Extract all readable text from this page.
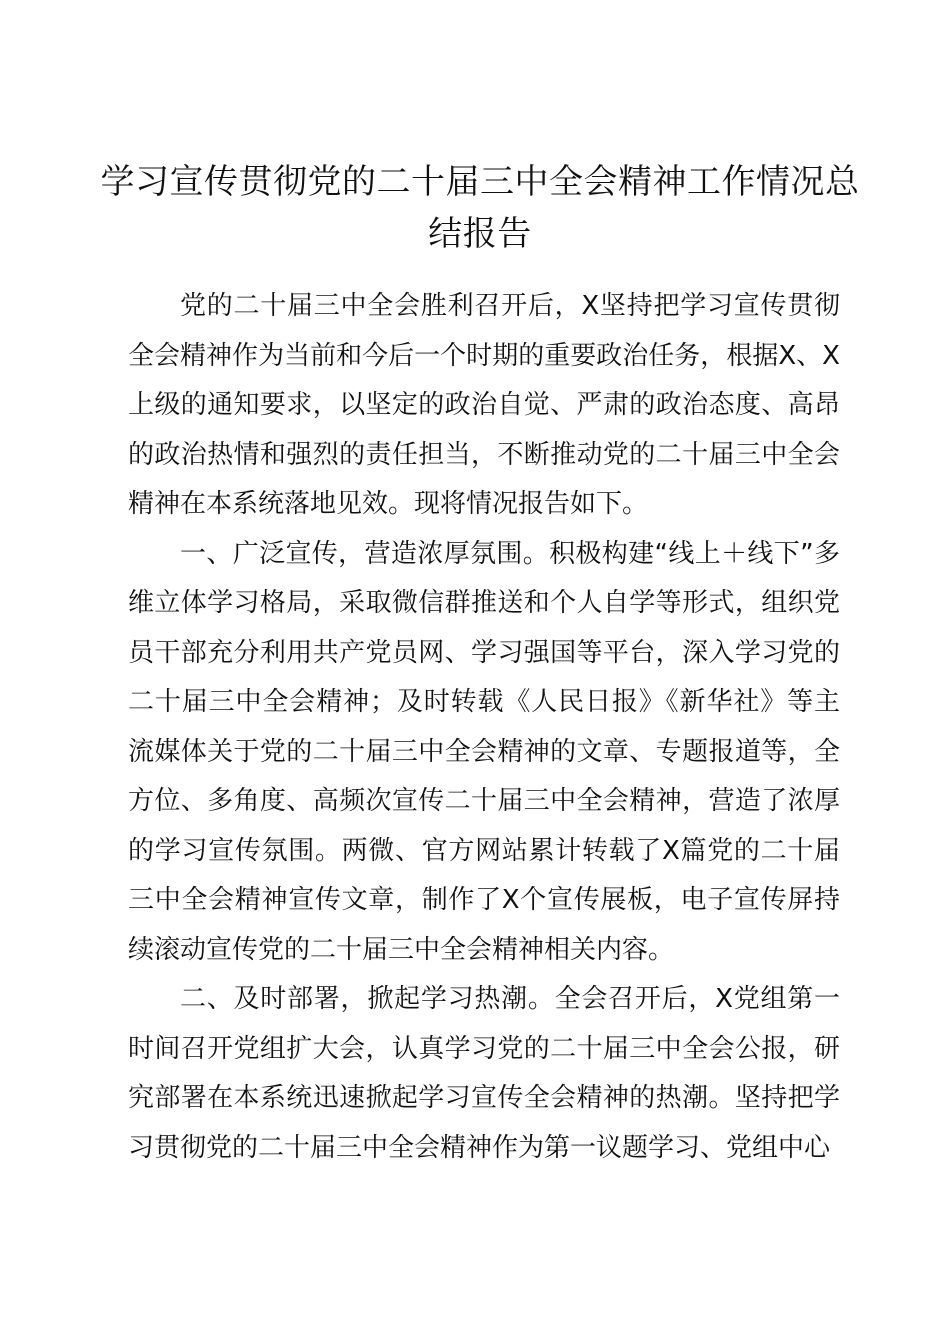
学习宣传贯彻党的二十届三中全会精神工作情况总结报告

党的二十届三中全会胜利召开后，X坚持把学习宣传贯彻全会精神作为当前和今后一个时期的重要政治任务，根据X、X上级的通知要求，以坚定的政治自觉、严肃的政治态度、高昂的政治热情和强烈的责任担当，不断推动党的二十届三中全会精神在本系统落地见效。现将情况报告如下。

一、广泛宣传，营造浓厚氛围。积极构建“线上＋线下”多维立体学习格局，采取微信群推送和个人自学等形式，组织党员干部充分利用共产党员网、学习强国等平台，深入学习党的二十届三中全会精神；及时转载《人民日报》《新华社》等主流媒体关于党的二十届三中全会精神的文章、专题报道等，全方位、多角度、高频次宣传二十届三中全会精神，营造了浓厚的学习宣传氛围。两微、官方网站累计转载了X篇党的二十届三中全会精神宣传文章，制作了X个宣传展板，电子宣传屏持续滚动宣传党的二十届三中全会精神相关内容。

二、及时部署，掀起学习热潮。全会召开后，X党组第一时间召开党组扩大会，认真学习党的二十届三中全会公报，研究部署在本系统迅速掀起学习宣传全会精神的热潮。坚持把学习贯彻党的二十届三中全会精神作为第一议题学习、党组中心
